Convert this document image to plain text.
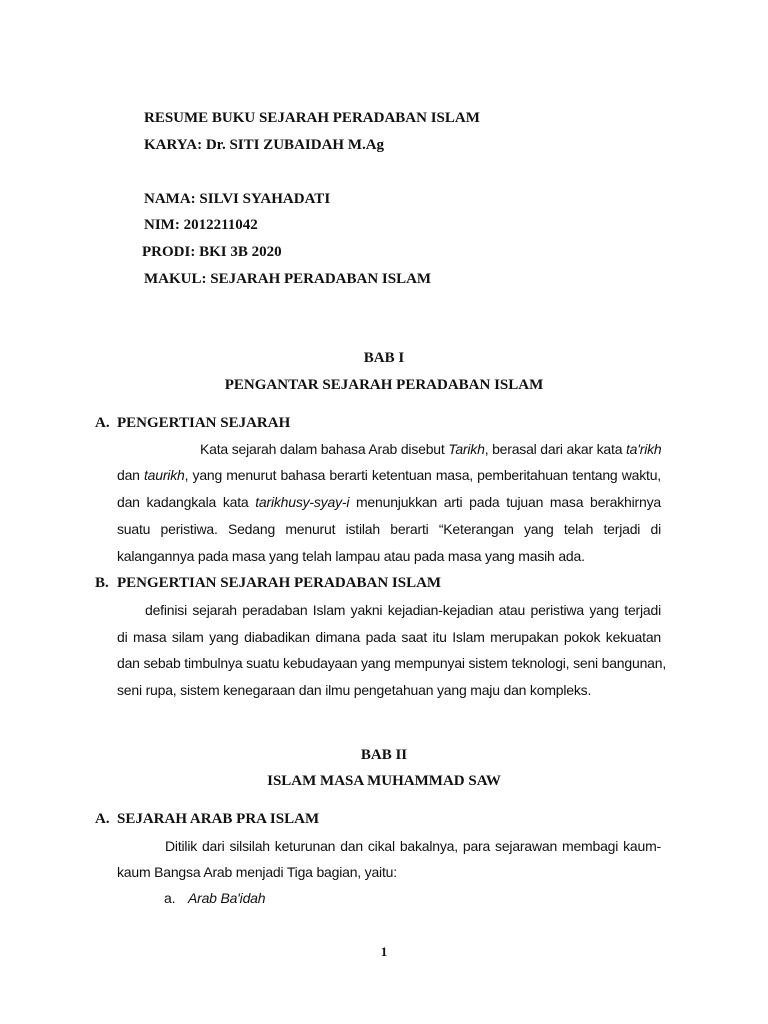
RESUME BUKU SEJARAH PERADABAN ISLAM
KARYA: Dr. SITI ZUBAIDAH M.Ag
NAMA: SILVI SYAHADATI
NIM: 2012211042
PRODI: BKI 3B 2020
MAKUL: SEJARAH PERADABAN ISLAM
BAB I
PENGANTAR SEJARAH PERADABAN ISLAM
A. PENGERTIAN SEJARAH
Kata sejarah dalam bahasa Arab disebut Tarikh, berasal dari akar kata ta'rikh
dan taurikh, yang menurut bahasa berarti ketentuan masa, pemberitahuan tentang waktu,
dan kadangkala kata tarikhusy-syay-i menunjukkan arti pada tujuan masa berakhirnya
suatu peristiwa. Sedang menurut istilah berarti “Keterangan yang telah terjadi di
kalangannya pada masa yang telah lampau atau pada masa yang masih ada.
B. PENGERTIAN SEJARAH PERADABAN ISLAM
definisi sejarah peradaban Islam yakni kejadian-kejadian atau peristiwa yang terjadi
di masa silam yang diabadikan dimana pada saat itu Islam merupakan pokok kekuatan
dan sebab timbulnya suatu kebudayaan yang mempunyai sistem teknologi, seni bangunan,
seni rupa, sistem kenegaraan dan ilmu pengetahuan yang maju dan kompleks.
BAB II
ISLAM MASA MUHAMMAD SAW
A. SEJARAH ARAB PRA ISLAM
Ditilik dari silsilah keturunan dan cikal bakalnya, para sejarawan membagi kaum-
kaum Bangsa Arab menjadi Tiga bagian, yaitu:
a. Arab Ba'idah
1
